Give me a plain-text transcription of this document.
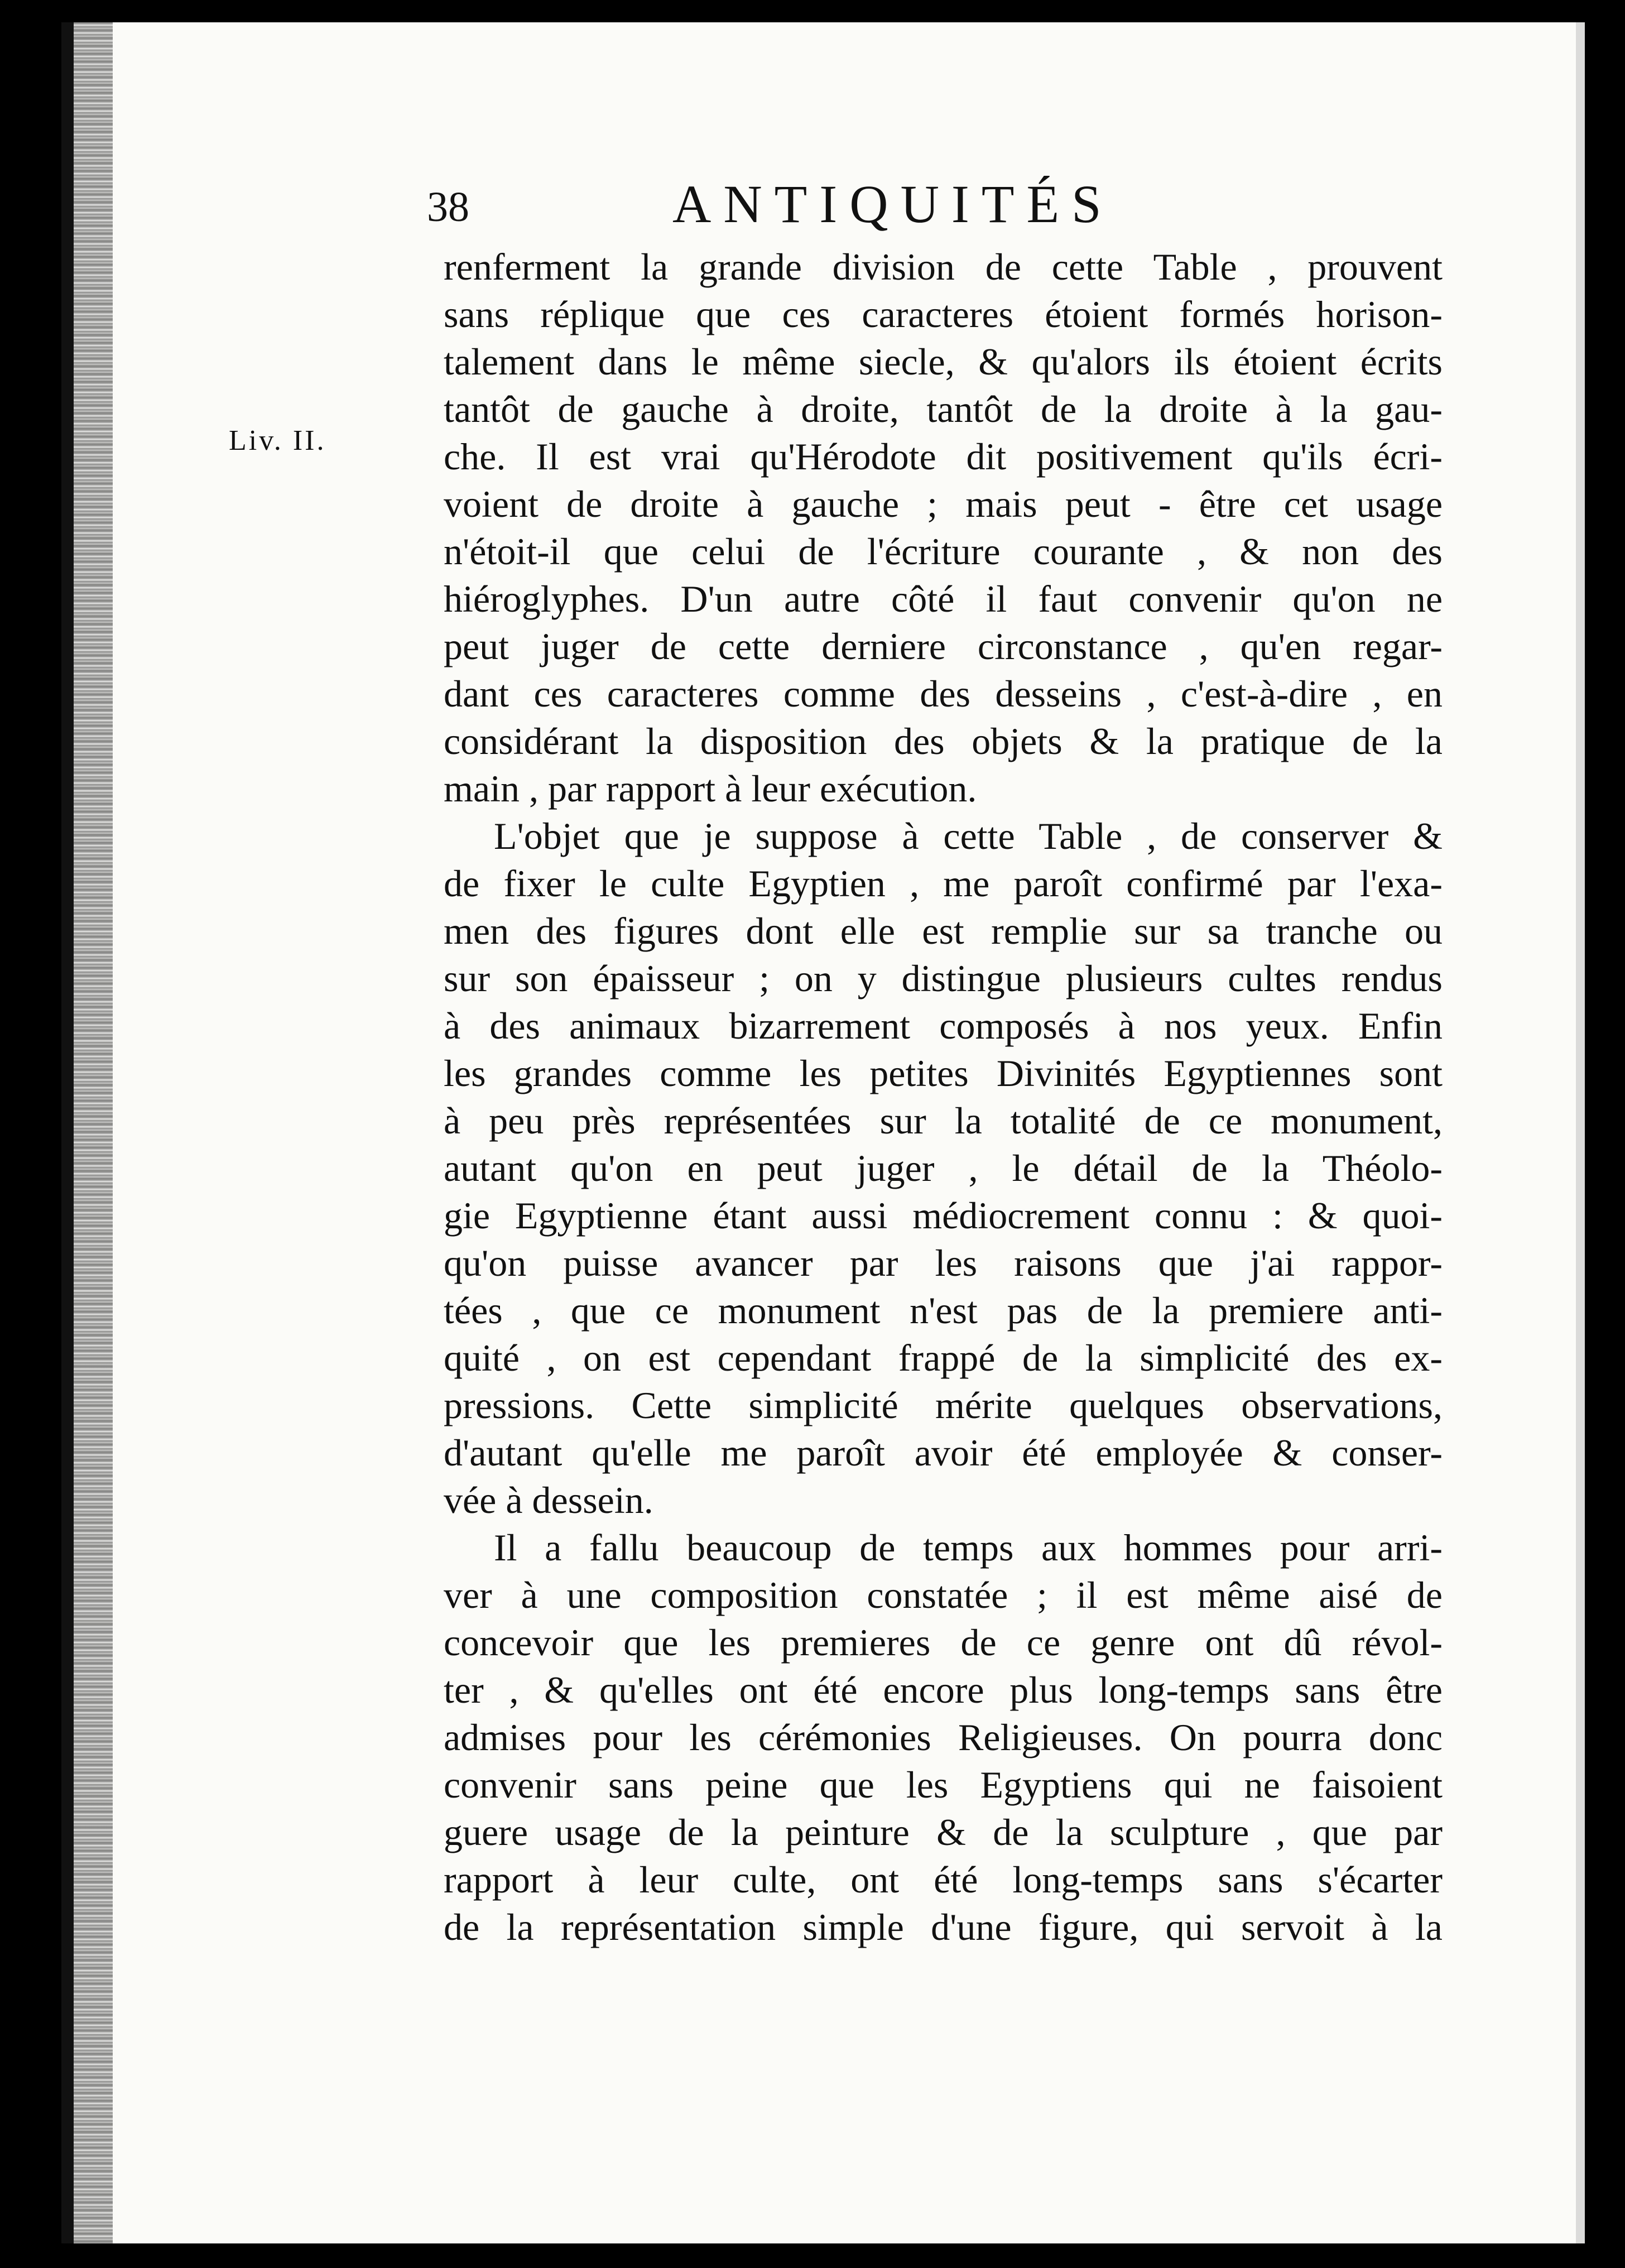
38	ANTIQUITÉS
Liv. II.
renferment la grande division de cette Table , prouvent
sans réplique que ces caracteres étoient formés horison-
talement dans le même siecle, & qu'alors ils étoient écrits
tantôt de gauche à droite, tantôt de la droite à la gau-
che. Il est vrai qu'Hérodote dit positivement qu'ils écri-
voient de droite à gauche ; mais peut - être cet usage
n'étoit-il que celui de l'écriture courante , & non des
hiéroglyphes. D'un autre côté il faut convenir qu'on ne
peut juger de cette derniere circonstance , qu'en regar-
dant ces caracteres comme des desseins , c'est-à-dire , en
considérant la disposition des objets & la pratique de la
main , par rapport à leur exécution.
L'objet que je suppose à cette Table , de conserver &
de fixer le culte Egyptien , me paroît confirmé par l'exa-
men des figures dont elle est remplie sur sa tranche ou
sur son épaisseur ; on y distingue plusieurs cultes rendus
à des animaux bizarrement composés à nos yeux. Enfin
les grandes comme les petites Divinités Egyptiennes sont
à peu près représentées sur la totalité de ce monument,
autant qu'on en peut juger , le détail de la Théolo-
gie Egyptienne étant aussi médiocrement connu : & quoi-
qu'on puisse avancer par les raisons que j'ai rappor-
tées , que ce monument n'est pas de la premiere anti-
quité , on est cependant frappé de la simplicité des ex-
pressions. Cette simplicité mérite quelques observations,
d'autant qu'elle me paroît avoir été employée & conser-
vée à dessein.
Il a fallu beaucoup de temps aux hommes pour arri-
ver à une composition constatée ; il est même aisé de
concevoir que les premieres de ce genre ont dû révol-
ter , & qu'elles ont été encore plus long-temps sans être
admises pour les cérémonies Religieuses. On pourra donc
convenir sans peine que les Egyptiens qui ne faisoient
guere usage de la peinture & de la sculpture , que par
rapport à leur culte, ont été long-temps sans s'écarter
de la représentation simple d'une figure, qui servoit à la
